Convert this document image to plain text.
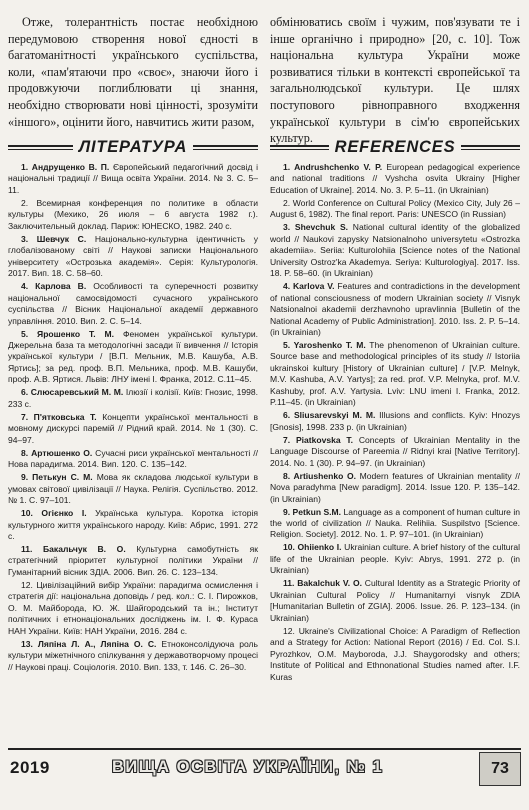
Отже, толерантність постає необхідною передумовою створення нової єдності в багатоманітності українського суспільства, коли, «пам'ятаючи про «своє», знаючи його і продовжуючи поглиблювати ці знання, необхідно створювати нові цінності, зрозуміти «іншого», оцінити його, навчитись жити разом,

обмінюватись своїм і чужим, пов'язувати те і інше органічно і природно» [20, с. 10]. Тож національна культура України може розвиватися тільки в контексті європейської та загальнолюдської культури. Це шлях поступового рівноправного входження української культури в сім'ю європейських культур.

ЛІТЕРАТУРА	REFERENCES
1. Андрущенко В. П. Європейський педагогічний досвід і національні традиції // Вища освіта України. 2014. № 3. С. 5–11.
2. Всемирная конференция по политике в области культуры (Мехико, 26 июля – 6 августа 1982 г.). Заключительный доклад. Париж: ЮНЕСКО, 1982. 240 с.
3. Шевчук С. Національно-культурна ідентичність у глобалізованому світі // Наукові записки Національного університету «Острозька академія». Серія: Культурологія. 2017. Вип. 18. С. 58–60.
4. Карлова В. Особливості та суперечності розвитку національної самосвідомості сучасного українського суспільства // Вісник Національної академії державного управління. 2010. Вип. 2. С. 5–14.
5. Ярошенко Т. М. Феномен української культури. Джерельна база та методологічні засади її вивчення // Історія української культури / [В.П. Мельник, М.В. Кашуба, А.В. Яртись]; за ред. проф. В.П. Мельника, проф. М.В. Кашуби, проф. А.В. Яртися. Львів: ЛНУ імені І. Франка, 2012. С.11–45.
6. Слюсаревський М. М. Ілюзії і колізії. Київ: Гнозис, 1998. 233 с.
7. П'ятковська Т. Концепти української ментальності в мовному дискурсі паремій // Рідний край. 2014. № 1 (30). С. 94–97.
8. Артюшенко О. Сучасні риси української ментальності // Нова парадигма. 2014. Вип. 120. С. 135–142.
9. Петькун С. М. Мова як складова людської культури в умовах світової цивілізації // Наука. Релігія. Суспільство. 2012. № 1. С. 97–101.
10. Огієнко І. Українська культура. Коротка історія культурного життя українського народу. Київ: Абрис, 1991. 272 с.
11. Бакальчук В. О. Культурна самобутність як стратегічний пріоритет культурної політики України // Гуманітарний вісник ЗДІА. 2006. Вип. 26. С. 123–134.
12. Цивілізаційний вибір України: парадигма осмислення і стратегія дії: національна доповідь / ред. кол.: С. І. Пирожков, О. М. Майборода, Ю. Ж. Шайгородський та ін.; Інститут політичних і етнонаціональних досліджень ім. І. Ф. Кураса НАН України. Київ: НАН України, 2016. 284 с.
13. Ляпіна Л. А., Ляпіна О. С. Етноконсолідуюча роль культури міжетнічного спілкування у державотворчому процесі // Наукові праці. Соціологія. 2010. Вип. 133, т. 146. С. 26–30.
1. Andrushchenko V. P. European pedagogical experience and national traditions // Vyshcha osvita Ukrainy [Higher Education of Ukraine]. 2014. No. 3. P. 5–11. (in Ukrainian)
2. World Conference on Cultural Policy (Mexico City, July 26 – August 6, 1982). The final report. Paris: UNESCO (in Russian)
3. Shevchuk S. National cultural identity of the globalized world // Naukovi zapysky Natsionalnoho universytetu «Ostrozka akademiia». Seriia: Kulturolohiia [Science notes of the National University Ostroz'ka Akademya. Seriya: Kulturologiya]. 2017. Iss. 18. P. 58–60. (in Ukrainian)
4. Karlova V. Features and contradictions in the development of national consciousness of modern Ukrainian society // Visnyk Natsionalnoi akademii derzhavnoho upravlinnia [Bulletin of the National Academy of Public Administration]. 2010. Iss. 2. P. 5–14. (in Ukrainian)
5. Yaroshenko T. M. The phenomenon of Ukrainian culture. Source base and methodological principles of its study // Istoriia ukrainskoi kultury [History of Ukrainian culture] / [V.P. Melnyk, M.V. Kashuba, A.V. Yartys]; za red. prof. V.P. Melnyka, prof. M.V. Kashuby, prof. A.V. Yartysia. Lviv: LNU imeni I. Franka, 2012. P.11–45. (in Ukrainian)
6. Sliusarevskyi M. M. Illusions and conflicts. Kyiv: Hnozys [Gnosis], 1998. 233 p. (in Ukrainian)
7. Piatkovska T. Concepts of Ukrainian Mentality in the Language Discourse of Pareemia // Ridnyi krai [Native Territory]. 2014. No. 1 (30). P. 94–97. (in Ukrainian)
8. Artiushenko O. Modern features of Ukrainian mentality // Nova paradyhma [New paradigm]. 2014. Issue 120. P. 135–142. (in Ukrainian)
9. Petkun S.M. Language as a component of human culture in the world of civilization // Nauka. Relihiia. Suspilstvo [Science. Religion. Society]. 2012. No. 1. P. 97–101. (in Ukrainian)
10. Ohiienko I. Ukrainian culture. A brief history of the cultural life of the Ukrainian people. Kyiv: Abrys, 1991. 272 p. (in Ukrainian)
11. Bakalchuk V. O. Cultural Identity as a Strategic Priority of Ukrainian Cultural Policy // Humanitarnyi visnyk ZDIA [Humanitarian Bulletin of ZGIA]. 2006. Issue. 26. P. 123–134. (in Ukrainian)
12. Ukraine's Civilizational Choice: A Paradigm of Reflection and a Strategy for Action: National Report (2016) / Ed. Col. S.I. Pyrozhkov, O.M. Mayboroda, J.J. Shaygorodsky and others; Institute of Political and Ethnonational Studies named after. I.F. Kuras
2019	ВИЩА ОСВІТА УКРАЇНИ, № 1	73
